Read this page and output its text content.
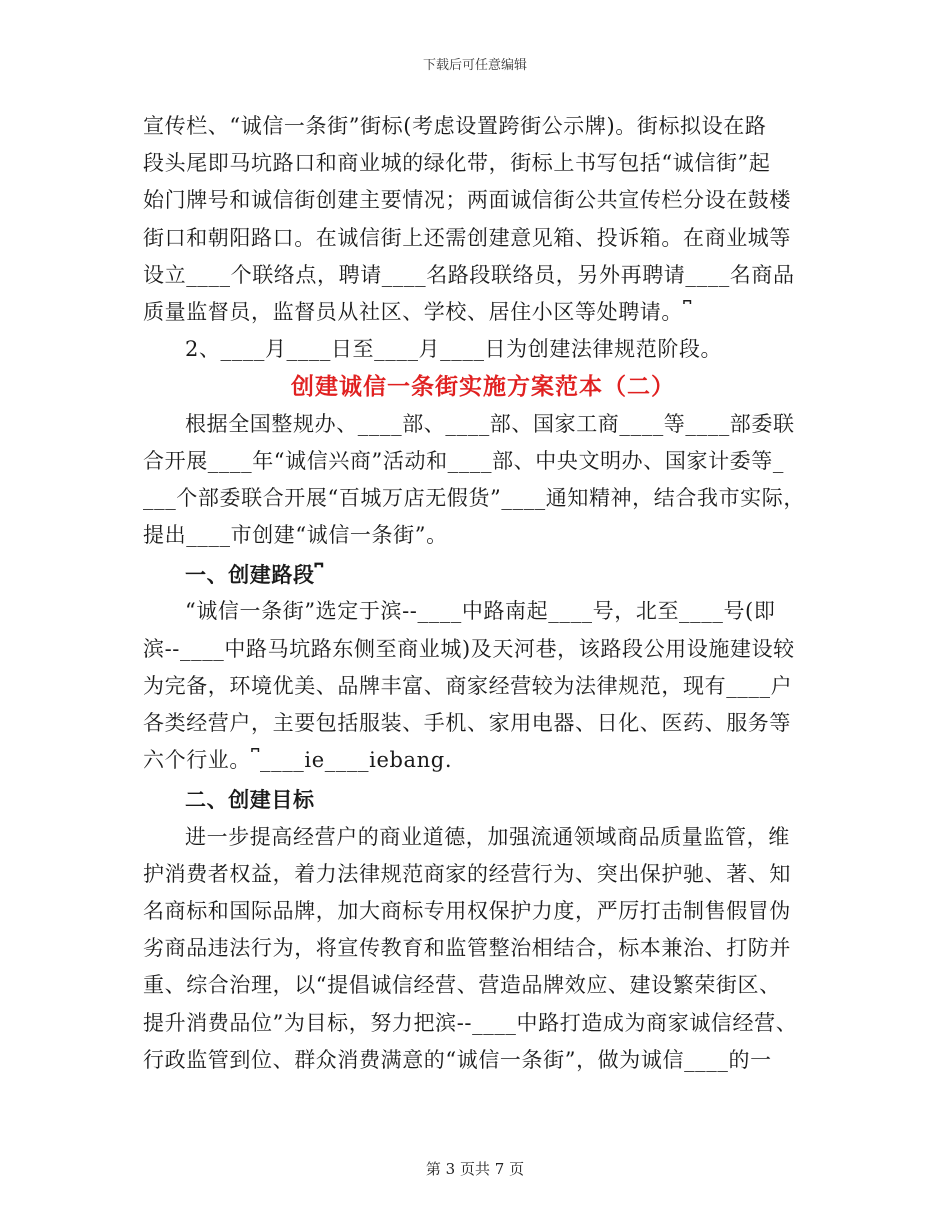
下载后可任意编辑
宣传栏、“诚信一条街”街标(考虑设置跨街公示牌)。街标拟设在路
段头尾即马坑路口和商业城的绿化带，街标上书写包括“诚信街”起
始门牌号和诚信街创建主要情况；两面诚信街公共宣传栏分设在鼓楼
街口和朝阳路口。在诚信街上还需创建意见箱、投诉箱。在商业城等
设立____个联络点，聘请____名路段联络员，另外再聘请____名商品
质量监督员，监督员从社区、学校、居住小区等处聘请。⎴
2、____月____日至____月____日为创建法律规范阶段。
创建诚信一条街实施方案范本（二）
根据全国整规办、____部、____部、国家工商____等____部委联
合开展____年“诚信兴商”活动和____部、中央文明办、国家计委等_
___个部委联合开展“百城万店无假货”____通知精神，结合我市实际，
提出____市创建“诚信一条街”。
一、创建路段⎴
“诚信一条街”选定于滨--____中路南起____号，北至____号(即
滨--____中路马坑路东侧至商业城)及天河巷，该路段公用设施建设较
为完备，环境优美、品牌丰富、商家经营较为法律规范，现有____户
各类经营户，主要包括服装、手机、家用电器、日化、医药、服务等
六个行业。⎴____ie____iebang.
二、创建目标
进一步提高经营户的商业道德，加强流通领域商品质量监管，维
护消费者权益，着力法律规范商家的经营行为、突出保护驰、著、知
名商标和国际品牌，加大商标专用权保护力度，严厉打击制售假冒伪
劣商品违法行为，将宣传教育和监管整治相结合，标本兼治、打防并
重、综合治理，以“提倡诚信经营、营造品牌效应、建设繁荣街区、
提升消费品位”为目标，努力把滨--____中路打造成为商家诚信经营、
行政监管到位、群众消费满意的“诚信一条街”，做为诚信____的一
第 3 页共 7 页
